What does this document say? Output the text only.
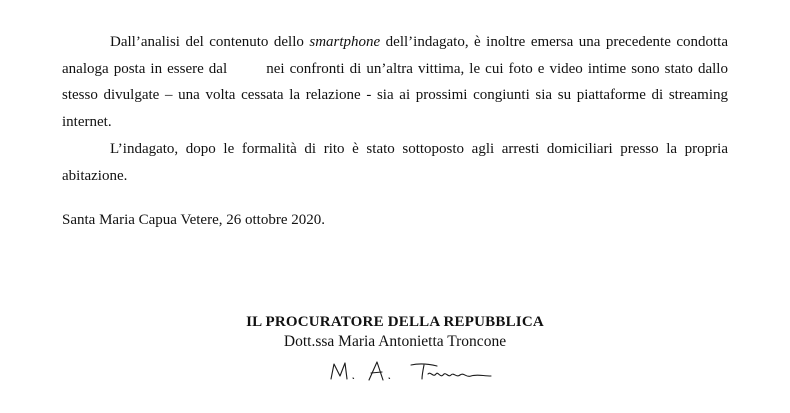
Dall’analisi del contenuto dello smartphone dell’indagato, è inoltre emersa una precedente condotta analoga posta in essere dal nei confronti di un’altra vittima, le cui foto e video intime sono stato dallo stesso divulgate – una volta cessata la relazione - sia ai prossimi congiunti sia su piattaforme di streaming internet.

L’indagato, dopo le formalità di rito è stato sottoposto agli arresti domiciliari presso la propria abitazione.

Santa Maria Capua Vetere, 26 ottobre 2020.
IL PROCURATORE DELLA REPUBBLICA
Dott.ssa Maria Antonietta Troncone
